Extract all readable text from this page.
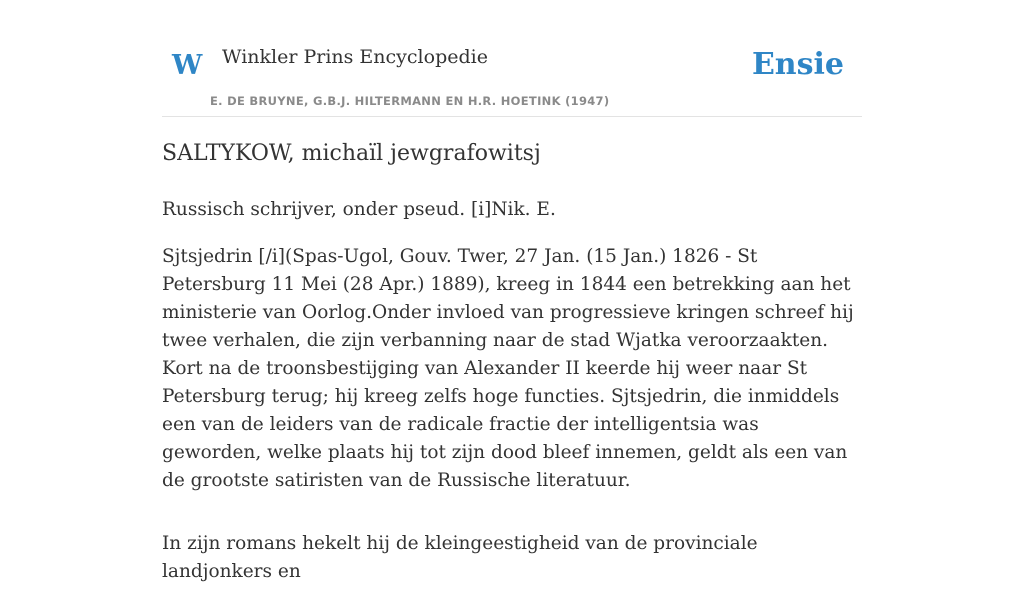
W Winkler Prins Encyclopedie
E. DE BRUYNE, G.B.J. HILTERMANN EN H.R. HOETINK (1947)
Ensie
SALTYKOW, michaïl jewgrafowitsj

Russisch schrijver, onder pseud. [i]Nik. E.

Sjtsjedrin [/i](Spas-Ugol, Gouv. Twer, 27 Jan. (15 Jan.) 1826 - St Petersburg 11 Mei (28 Apr.) 1889), kreeg in 1844 een betrekking aan het ministerie van Oorlog.Onder invloed van progressieve kringen schreef hij twee verhalen, die zijn verbanning naar de stad Wjatka veroorzaakten. Kort na de troonsbestijging van Alexander II keerde hij weer naar St Petersburg terug; hij kreeg zelfs hoge functies. Sjtsjedrin, die inmiddels een van de leiders van de radicale fractie der intelligentsia was geworden, welke plaats hij tot zijn dood bleef innemen, geldt als een van de grootste satiristen van de Russische literatuur.

In zijn romans hekelt hij de kleingeestigheid van de provinciale landjonkers en
